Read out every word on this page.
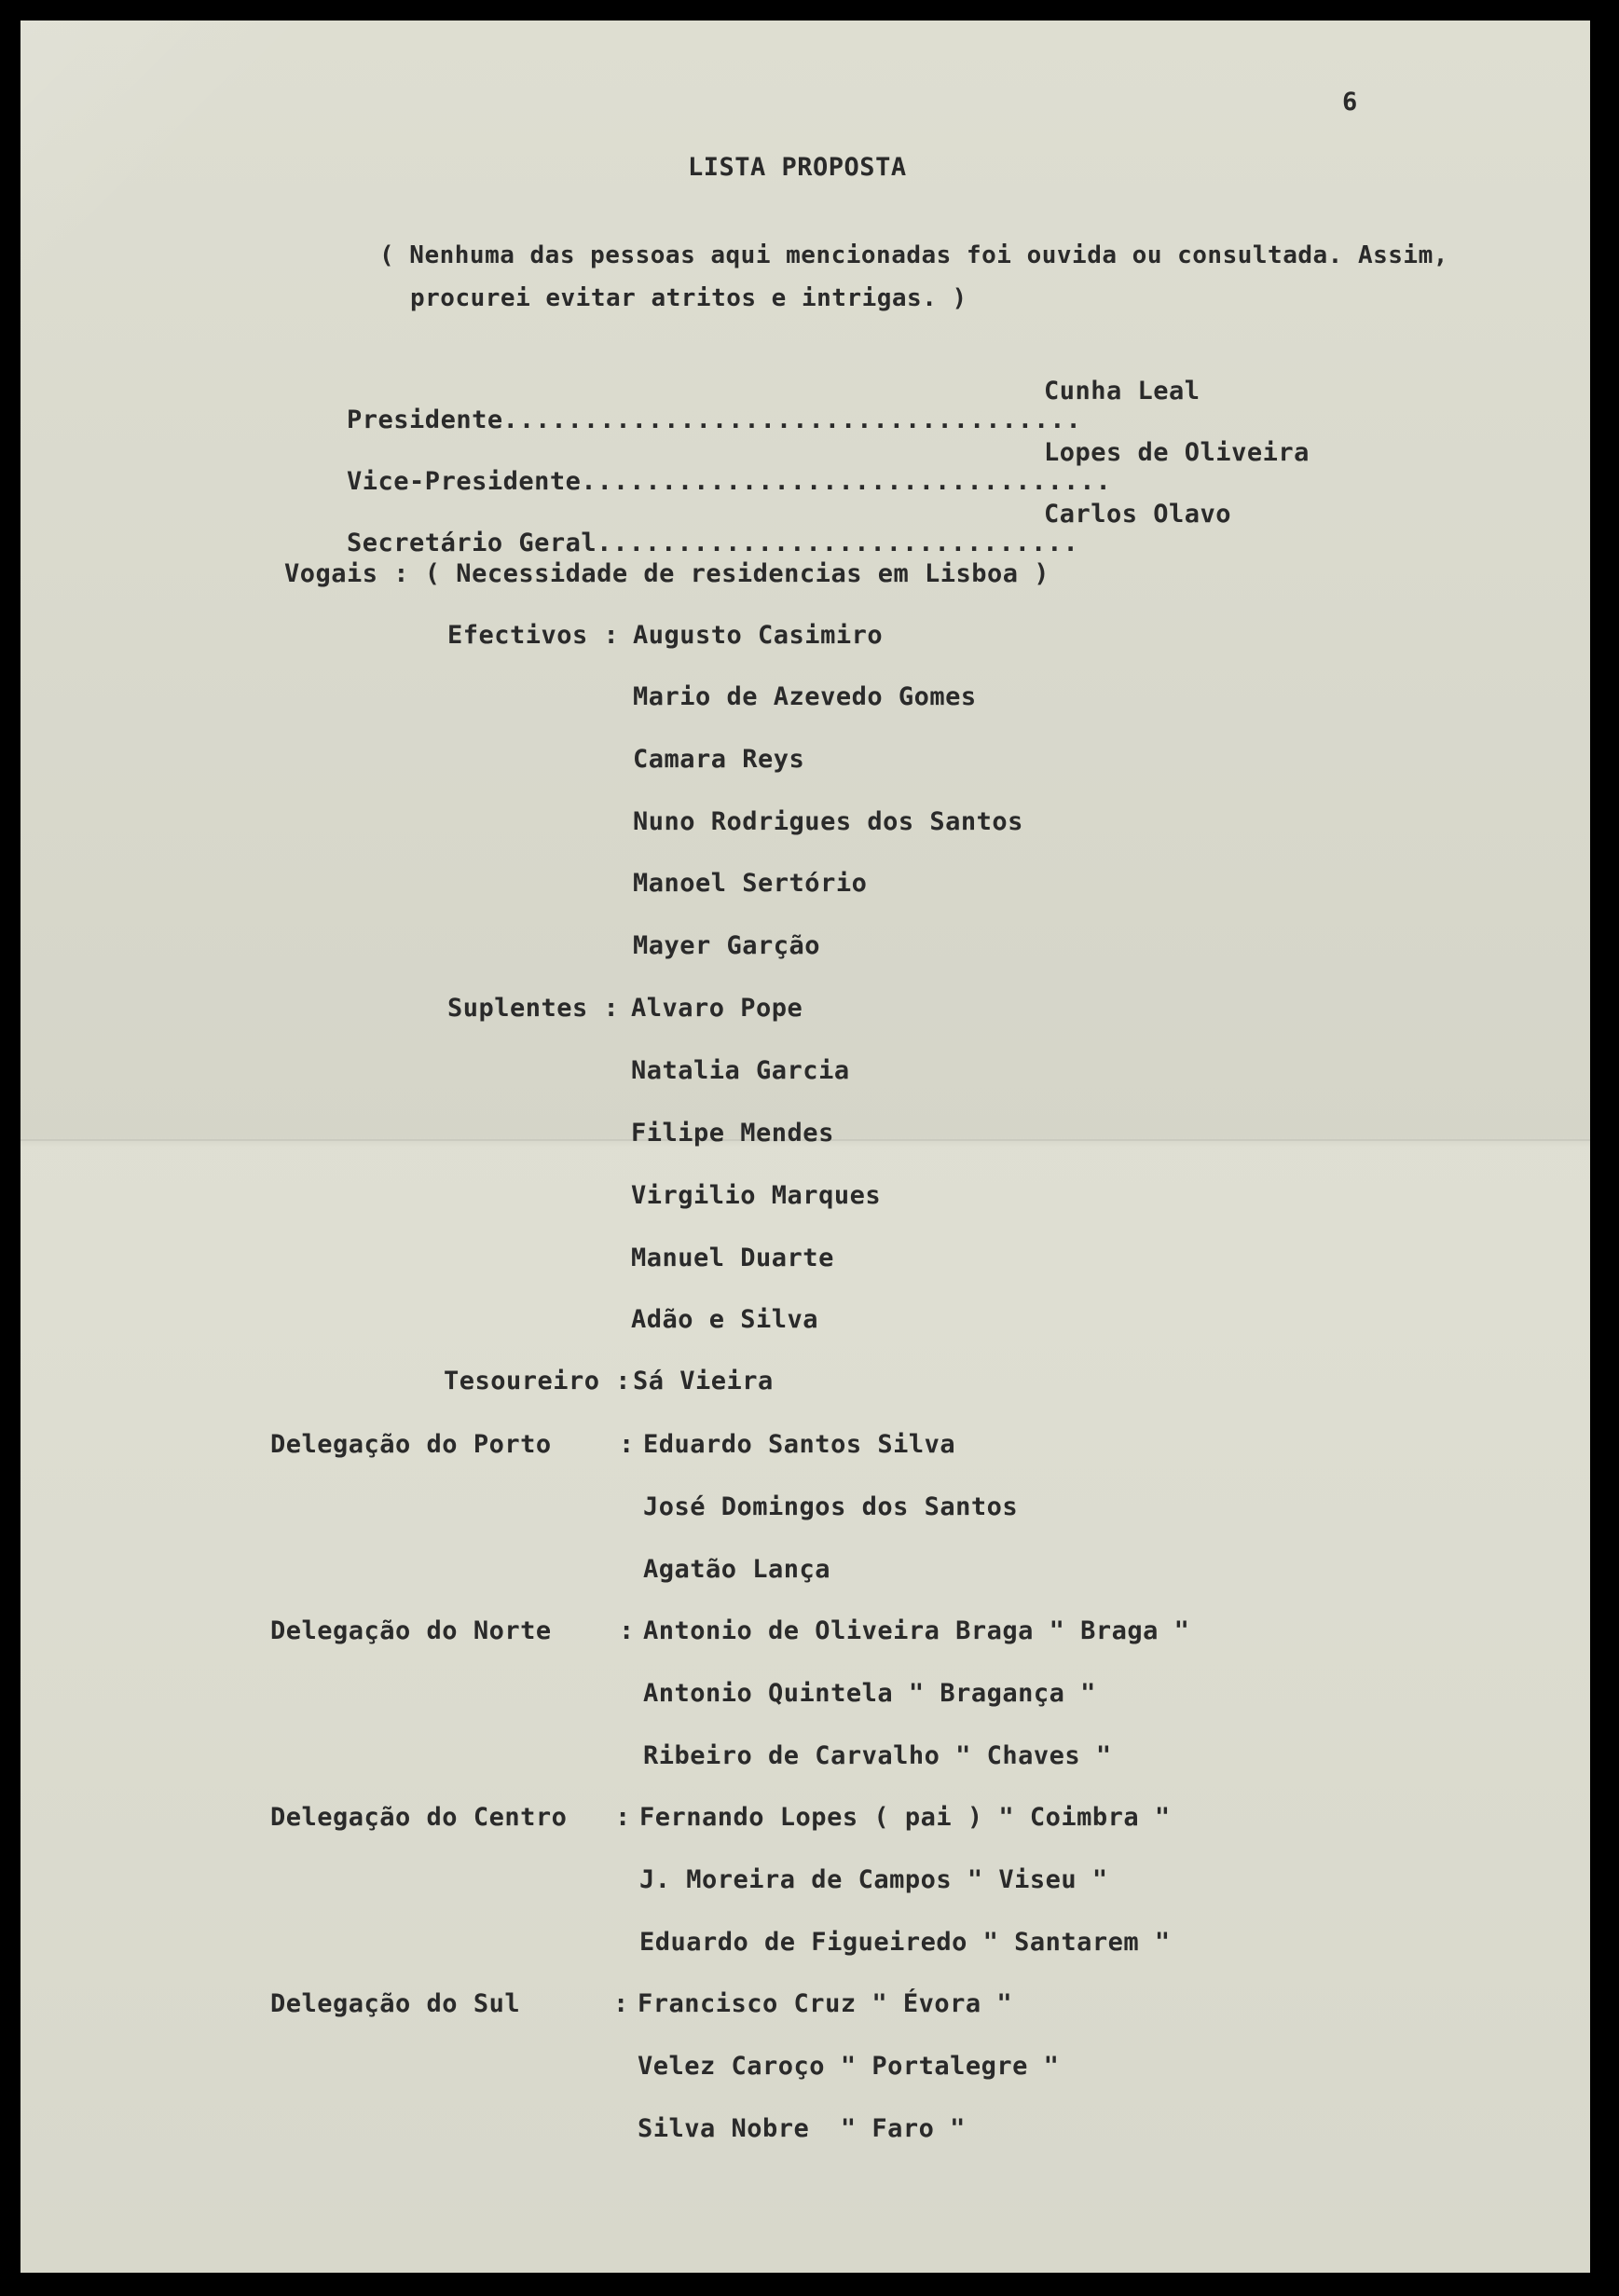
6
LISTA PROPOSTA
( Nenhuma das pessoas aqui mencionadas foi ouvida ou consultada. Assim,
procurei evitar atritos e intrigas. )

Presidente....................................

Cunha Leal

Vice-Presidente.................................

Lopes de Oliveira

Secretário Geral..............................

Carlos Olavo
Vogais : ( Necessidade de residencias em Lisboa )
Efectivos : Augusto Casimiro
Mario de Azevedo Gomes
Camara Reys
Nuno Rodrigues dos Santos
Manoel Sertório
Mayer Garção
Suplentes : Alvaro Pope
Natalia Garcia
Filipe Mendes
Virgilio Marques
Manuel Duarte
Adão e Silva
Tesoureiro : Sá Vieira
Delegação do Porto	: Eduardo Santos Silva
José Domingos dos Santos
Agatão Lança
Delegação do Norte	: Antonio de Oliveira Braga " Braga "
Antonio Quintela " Bragança "
Ribeiro de Carvalho " Chaves "
Delegação do Centro : Fernando Lopes ( pai ) " Coimbra "
J. Moreira de Campos " Viseu "
Eduardo de Figueiredo " Santarem "
Delegação do Sul	: Francisco Cruz " Évora "
Velez Caroço " Portalegre "
Silva Nobre  " Faro "
